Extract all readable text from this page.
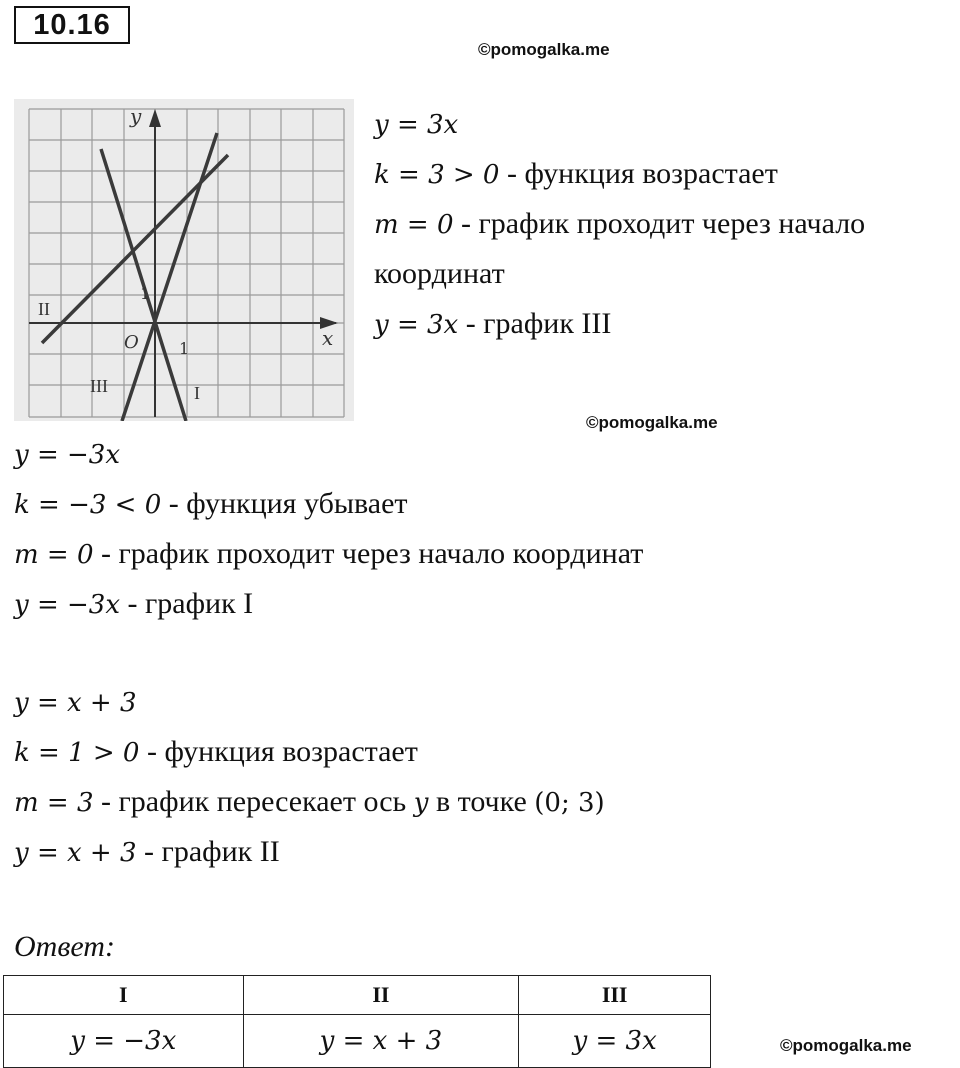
10.16
©pomogalka.me
©pomogalka.me
©pomogalka.me
y
x
O	1
1
II
III	I
y = 3x
k = 3 > 0 - функция возрастает
m = 0 - график проходит через начало
координат
y = 3x - график III
y = −3x
k = −3 < 0 - функция убывает
m = 0 - график проходит через начало координат
y = −3x - график I
y = x + 3
k = 1 > 0 - функция возрастает
m = 3 - график пересекает ось y в точке (0; 3)
y = x + 3 - график II
Ответ:
I	II	III
y = −3x	y = x + 3	y = 3x
